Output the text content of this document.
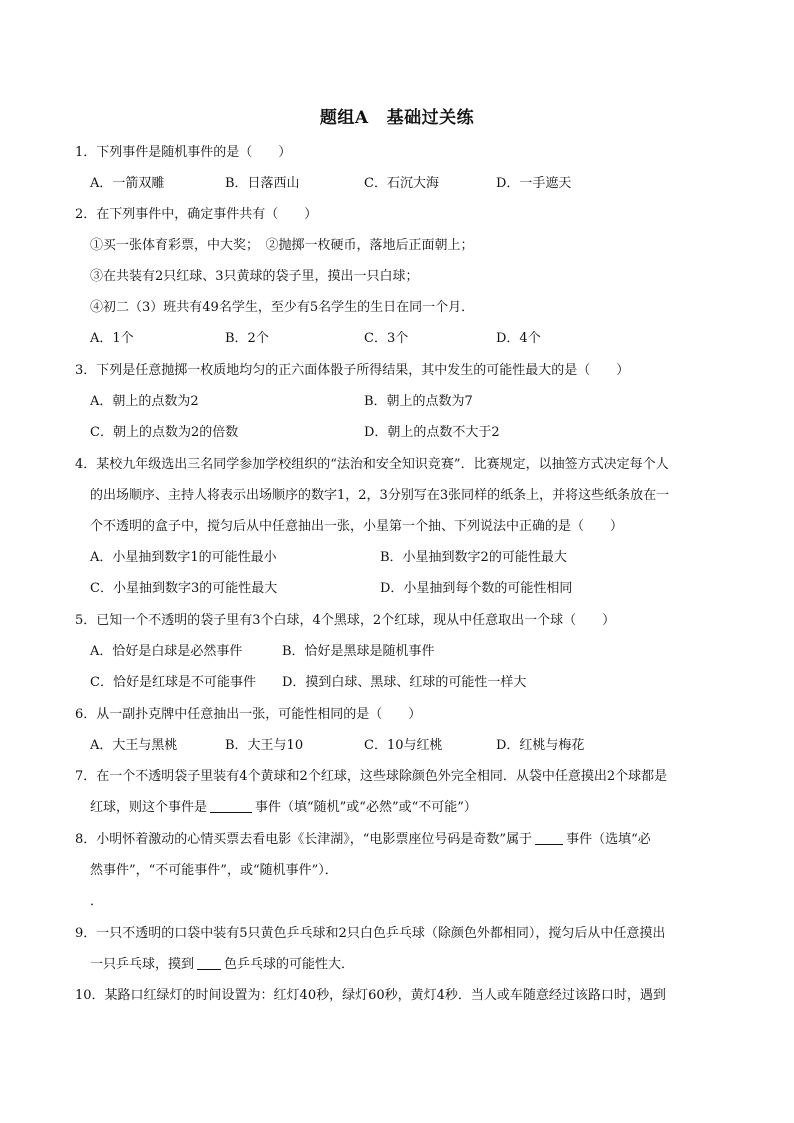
题组A 基础过关练
1．下列事件是随机事件的是（　　）
A．一箭双雕	B．日落西山	C．石沉大海	D．一手遮天
2．在下列事件中，确定事件共有（　　）
①买一张体育彩票，中大奖；　②抛掷一枚硬币，落地后正面朝上；
③在共装有2只红球、3只黄球的袋子里，摸出一只白球；
④初二（3）班共有49名学生，至少有5名学生的生日在同一个月．
A．1个	B．2个	C．3个	D．4个
3．下列是任意抛掷一枚质地均匀的正六面体骰子所得结果，其中发生的可能性最大的是（　　）
A．朝上的点数为2	B．朝上的点数为7
C．朝上的点数为2的倍数	D．朝上的点数不大于2
4．某校九年级选出三名同学参加学校组织的“法治和安全知识竞赛”．比赛规定，以抽签方式决定每个人
的出场顺序、主持人将表示出场顺序的数字1，2，3分别写在3张同样的纸条上，并将这些纸条放在一
个不透明的盒子中，搅匀后从中任意抽出一张，小星第一个抽、下列说法中正确的是（　　）
A．小星抽到数字1的可能性最小	B．小星抽到数字2的可能性最大
C．小星抽到数字3的可能性最大	D．小星抽到每个数的可能性相同
5．已知一个不透明的袋子里有3个白球，4个黑球，2个红球，现从中任意取出一个球（　　）
A．恰好是白球是必然事件	B．恰好是黑球是随机事件
C．恰好是红球是不可能事件 D．摸到白球、黑球、红球的可能性一样大
6．从一副扑克牌中任意抽出一张，可能性相同的是（　　）
A．大王与黑桃	B．大王与10	C．10与红桃	D．红桃与梅花
7．在一个不透明袋子里装有4个黄球和2个红球，这些球除颜色外完全相同．从袋中任意摸出2个球都是
红球，则这个事件是	事件（填“随机”或“必然”或“不可能”）
8．小明怀着激动的心情买票去看电影《长津湖》，“电影票座位号码是奇数”属于	事件（选填“必
然事件”，“不可能事件”，或“随机事件”）．
．
9．一只不透明的口袋中装有5只黄色乒乓球和2只白色乒乓球（除颜色外都相同），搅匀后从中任意摸出
一只乒乓球，摸到 色乒乓球的可能性大．
10．某路口红绿灯的时间设置为：红灯40秒，绿灯60秒，黄灯4秒．当人或车随意经过该路口时，遇到
